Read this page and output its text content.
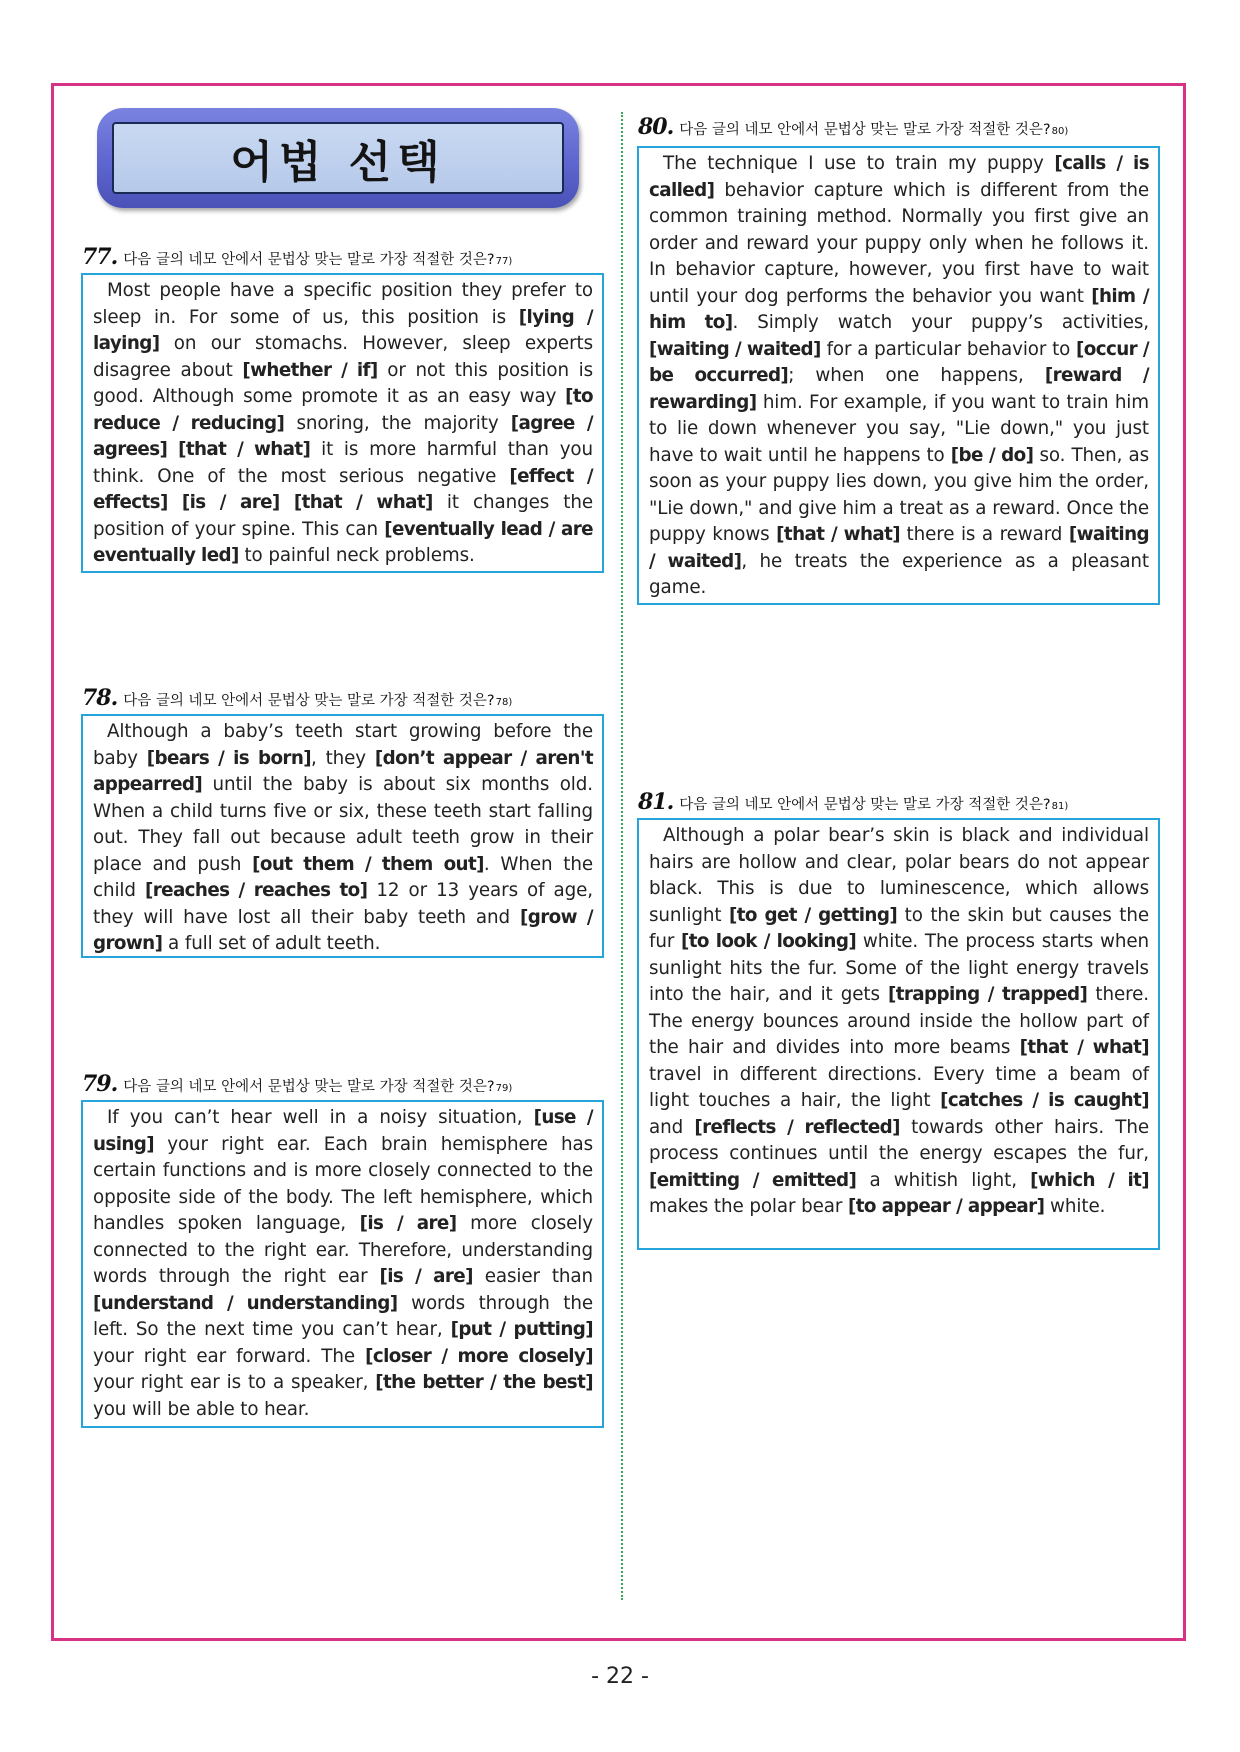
어법 선택
77. 다음 글의 네모 안에서 문법상 맞는 말로 가장 적절한 것은? 77)

Most people have a specific position they prefer to sleep in. For some of us, this position is [lying / laying] on our stomachs. However, sleep experts disagree about [whether / if] or not this position is good. Although some promote it as an easy way [to reduce / reducing] snoring, the majority [agree / agrees] [that / what] it is more harmful than you think. One of the most serious negative [effect / effects] [is / are] [that / what] it changes the position of your spine. This can [eventually lead / are eventually led] to painful neck problems.

78. 다음 글의 네모 안에서 문법상 맞는 말로 가장 적절한 것은? 78)

Although a baby’s teeth start growing before the baby [bears / is born], they [don’t appear / aren't appearred] until the baby is about six months old. When a child turns five or six, these teeth start falling out. They fall out because adult teeth grow in their place and push [out them / them out]. When the child [reaches / reaches to] 12 or 13 years of age, they will have lost all their baby teeth and [grow / grown] a full set of adult teeth.

79. 다음 글의 네모 안에서 문법상 맞는 말로 가장 적절한 것은? 79)

If you can’t hear well in a noisy situation, [use / using] your right ear. Each brain hemisphere has certain functions and is more closely connected to the opposite side of the body. The left hemisphere, which handles spoken language, [is / are] more closely connected to the right ear. Therefore, understanding words through the right ear [is / are] easier than [understand / understanding] words through the left. So the next time you can’t hear, [put / putting] your right ear forward. The [closer / more closely] your right ear is to a speaker, [the better / the best] you will be able to hear.

80. 다음 글의 네모 안에서 문법상 맞는 말로 가장 적절한 것은? 80)

The technique I use to train my puppy [calls / is called] behavior capture which is different from the common training method. Normally you first give an order and reward your puppy only when he follows it. In behavior capture, however, you first have to wait until your dog performs the behavior you want [him / him to]. Simply watch your puppy’s activities, [waiting / waited] for a particular behavior to [occur / be occurred]; when one happens, [reward / rewarding] him. For example, if you want to train him to lie down whenever you say, "Lie down," you just have to wait until he happens to [be / do] so. Then, as soon as your puppy lies down, you give him the order, "Lie down," and give him a treat as a reward. Once the puppy knows [that / what] there is a reward [waiting / waited], he treats the experience as a pleasant game.

81. 다음 글의 네모 안에서 문법상 맞는 말로 가장 적절한 것은? 81)

Although a polar bear’s skin is black and individual hairs are hollow and clear, polar bears do not appear black. This is due to luminescence, which allows sunlight [to get / getting] to the skin but causes the fur [to look / looking] white. The process starts when sunlight hits the fur. Some of the light energy travels into the hair, and it gets [trapping / trapped] there. The energy bounces around inside the hollow part of the hair and divides into more beams [that / what] travel in different directions. Every time a beam of light touches a hair, the light [catches / is caught] and [reflects / reflected] towards other hairs. The process continues until the energy escapes the fur, [emitting / emitted] a whitish light, [which / it] makes the polar bear [to appear / appear] white.

- 22 -
